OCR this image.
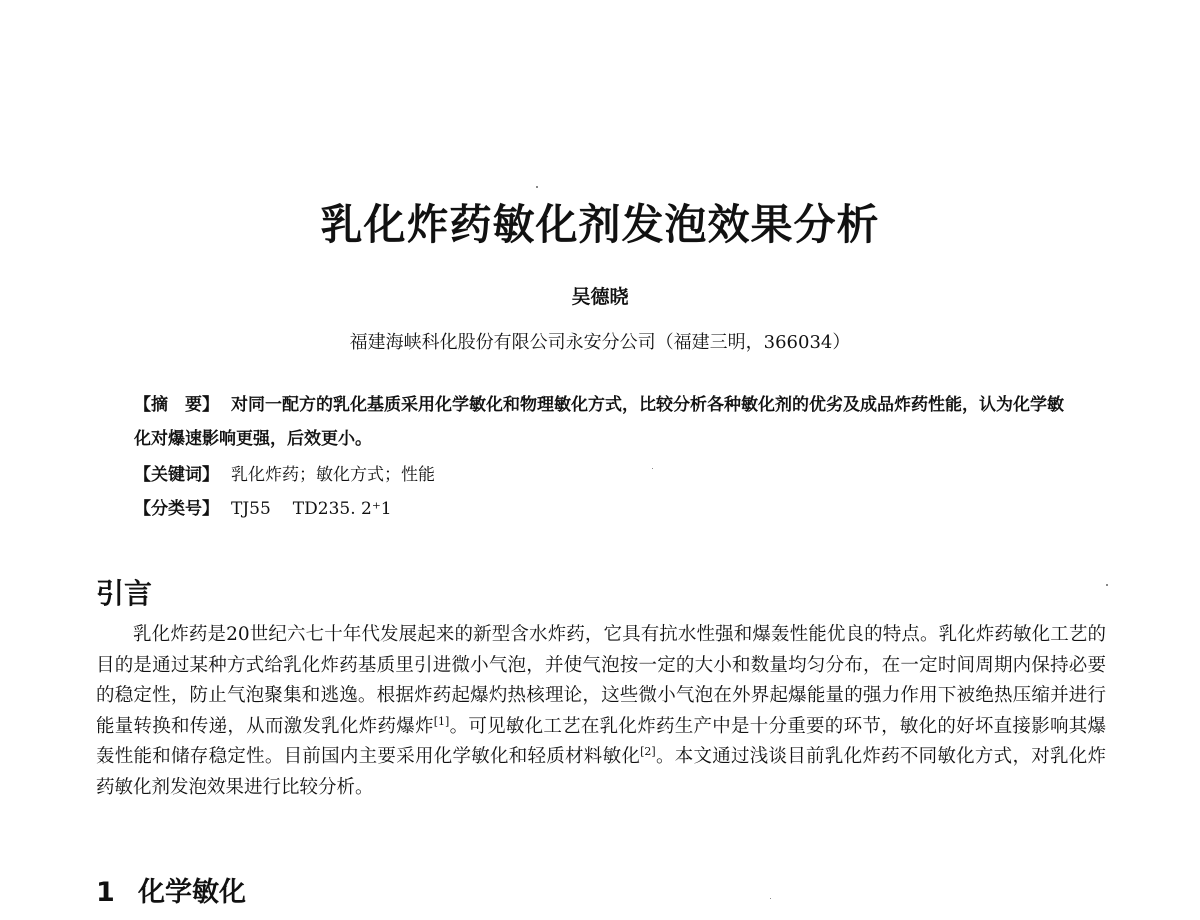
乳化炸药敏化剂发泡效果分析
吴德晓
福建海峡科化股份有限公司永安分公司（福建三明，366034）
【摘　要】 对同一配方的乳化基质采用化学敏化和物理敏化方式，比较分析各种敏化剂的优劣及成品炸药性能，认为化学敏化对爆速影响更强，后效更小。
【关键词】 乳化炸药；敏化方式；性能
【分类号】 TJ55 TD235. 2⁺1
引言
乳化炸药是20世纪六七十年代发展起来的新型含水炸药，它具有抗水性强和爆轰性能优良的特点。乳化炸药敏化工艺的目的是通过某种方式给乳化炸药基质里引进微小气泡，并使气泡按一定的大小和数量均匀分布，在一定时间周期内保持必要的稳定性，防止气泡聚集和逃逸。根据炸药起爆灼热核理论，这些微小气泡在外界起爆能量的强力作用下被绝热压缩并进行能量转换和传递，从而激发乳化炸药爆炸[1]。可见敏化工艺在乳化炸药生产中是十分重要的环节，敏化的好坏直接影响其爆轰性能和储存稳定性。目前国内主要采用化学敏化和轻质材料敏化[2]。本文通过浅谈目前乳化炸药不同敏化方式，对乳化炸药敏化剂发泡效果进行比较分析。
1 化学敏化
